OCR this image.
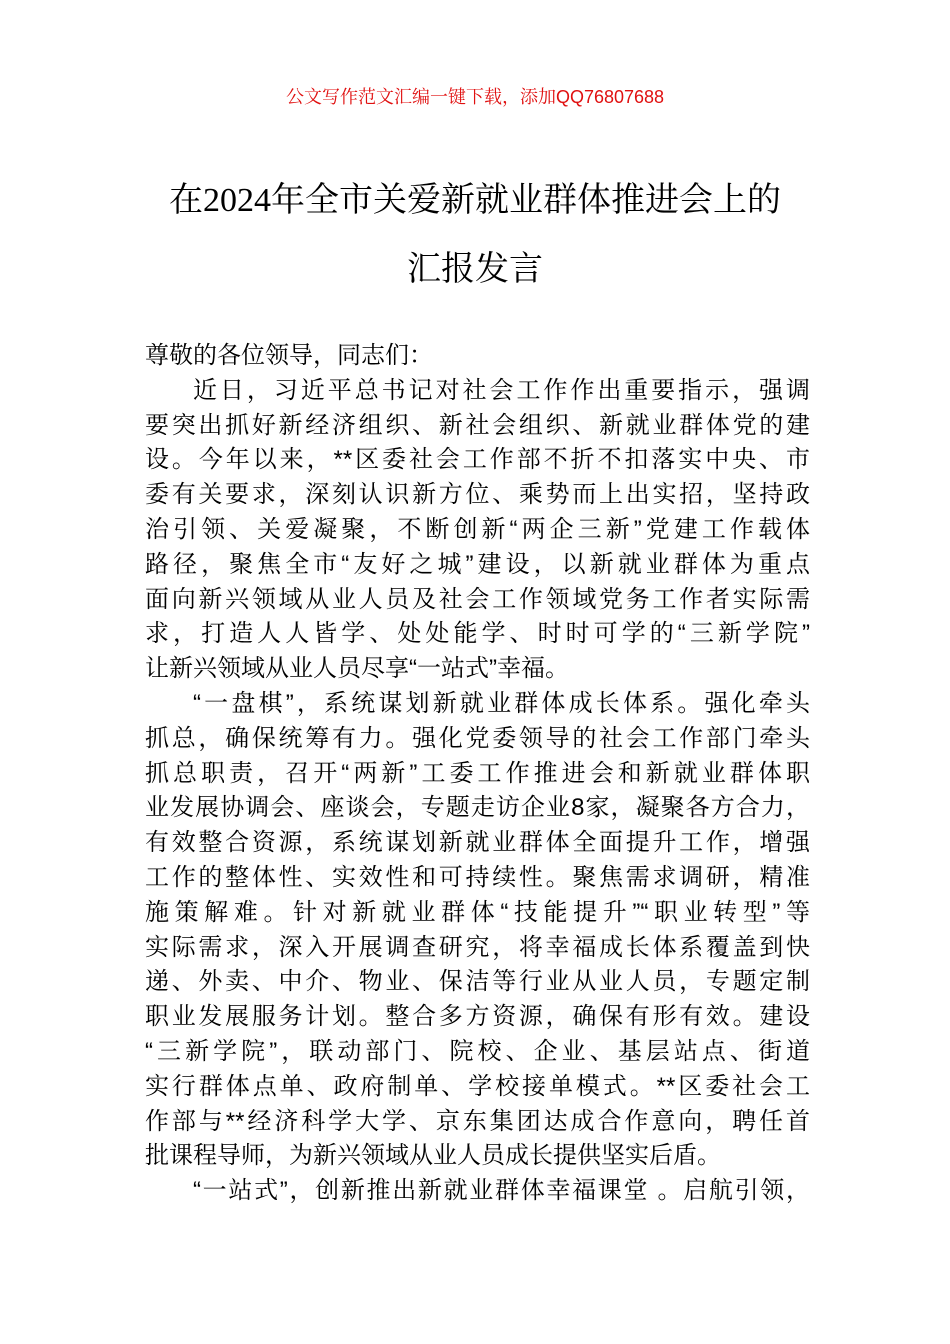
公文写作范文汇编一键下载，添加QQ76807688
在2024年全市关爱新就业群体推进会上的
汇报发言
尊敬的各位领导，同志们：
近日，习近平总书记对社会工作作出重要指示，强调
要突出抓好新经济组织、新社会组织、新就业群体党的建
设。今年以来，**区委社会工作部不折不扣落实中央、市
委有关要求，深刻认识新方位、乘势而上出实招，坚持政
治引领、关爱凝聚，不断创新“两企三新”党建工作载体
路径，聚焦全市“友好之城”建设，以新就业群体为重点
面向新兴领域从业人员及社会工作领域党务工作者实际需
求，打造人人皆学、处处能学、时时可学的“三新学院”
让新兴领域从业人员尽享“一站式”幸福。
“一盘棋”，系统谋划新就业群体成长体系。强化牵头
抓总，确保统筹有力。强化党委领导的社会工作部门牵头
抓总职责，召开“两新”工委工作推进会和新就业群体职
业发展协调会、座谈会，专题走访企业8家，凝聚各方合力，
有效整合资源，系统谋划新就业群体全面提升工作，增强
工作的整体性、实效性和可持续性。聚焦需求调研，精准
施策解难。针对新就业群体“技能提升”“职业转型”等
实际需求，深入开展调查研究，将幸福成长体系覆盖到快
递、外卖、中介、物业、保洁等行业从业人员，专题定制
职业发展服务计划。整合多方资源，确保有形有效。建设
“三新学院”，联动部门、院校、企业、基层站点、街道
实行群体点单、政府制单、学校接单模式。**区委社会工
作部与**经济科学大学、京东集团达成合作意向，聘任首
批课程导师，为新兴领域从业人员成长提供坚实后盾。
“一站式”，创新推出新就业群体幸福课堂 。启航引领，
